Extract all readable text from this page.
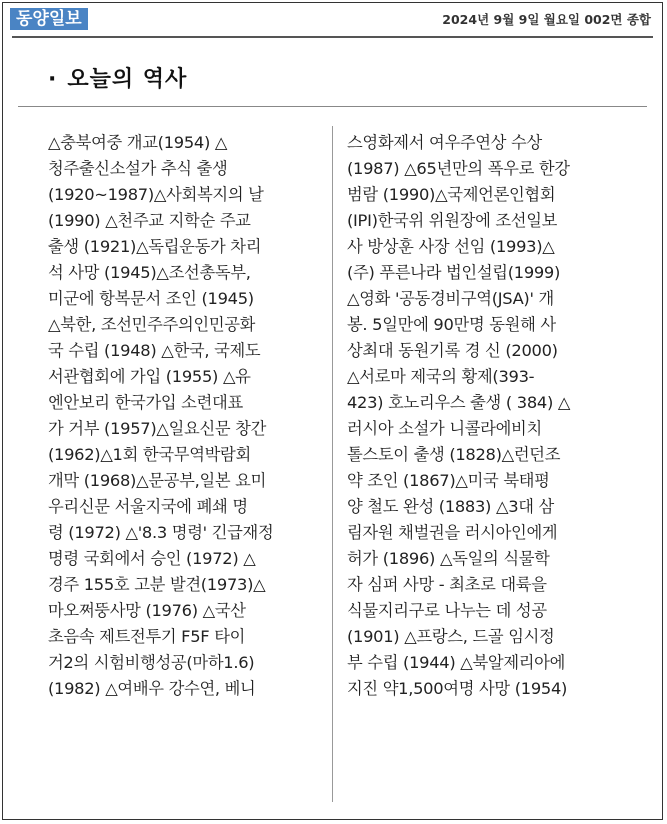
동양일보	2024년 9월 9일 월요일 002면 종합
· 오늘의 역사
△충북여중 개교(1954) △
청주출신소설가 추식 출생
(1920~1987)△사회복지의 날
(1990) △천주교 지학순 주교
출생 (1921)△독립운동가 차리
석 사망 (1945)△조선총독부,
미군에 항복문서 조인 (1945)
△북한, 조선민주주의인민공화
국 수립 (1948) △한국, 국제도
서관협회에 가입 (1955) △유
엔안보리 한국가입 소련대표
가 거부 (1957)△일요신문 창간
(1962)△1회 한국무역박람회
개막 (1968)△문공부,일본 요미
우리신문 서울지국에 폐쇄 명
령 (1972) △'8.3 명령' 긴급재정
명령 국회에서 승인 (1972) △
경주 155호 고분 발견(1973)△
마오쩌뚱사망 (1976) △국산
초음속 제트전투기 F5F 타이
거2의 시험비행성공(마하1.6)
(1982) △여배우 강수연, 베니
스영화제서 여우주연상 수상
(1987) △65년만의 폭우로 한강
범람 (1990)△국제언론인협회
(IPI)한국위 위원장에 조선일보
사 방상훈 사장 선임 (1993)△
(주) 푸른나라 법인설립(1999)
△영화 '공동경비구역(JSA)' 개
봉. 5일만에 90만명 동원해 사
상최대 동원기록 경 신 (2000)
△서로마 제국의 황제(393-
423) 호노리우스 출생 ( 384) △
러시아 소설가 니콜라에비치
톨스토이 출생 (1828)△런던조
약 조인 (1867)△미국 북태평
양 철도 완성 (1883) △3대 삼
림자원 채벌권을 러시아인에게
허가 (1896) △독일의 식물학
자 심퍼 사망 - 최초로 대륙을
식물지리구로 나누는 데 성공
(1901) △프랑스, 드골 임시정
부 수립 (1944) △북알제리아에
지진 약1,500여명 사망 (1954)
